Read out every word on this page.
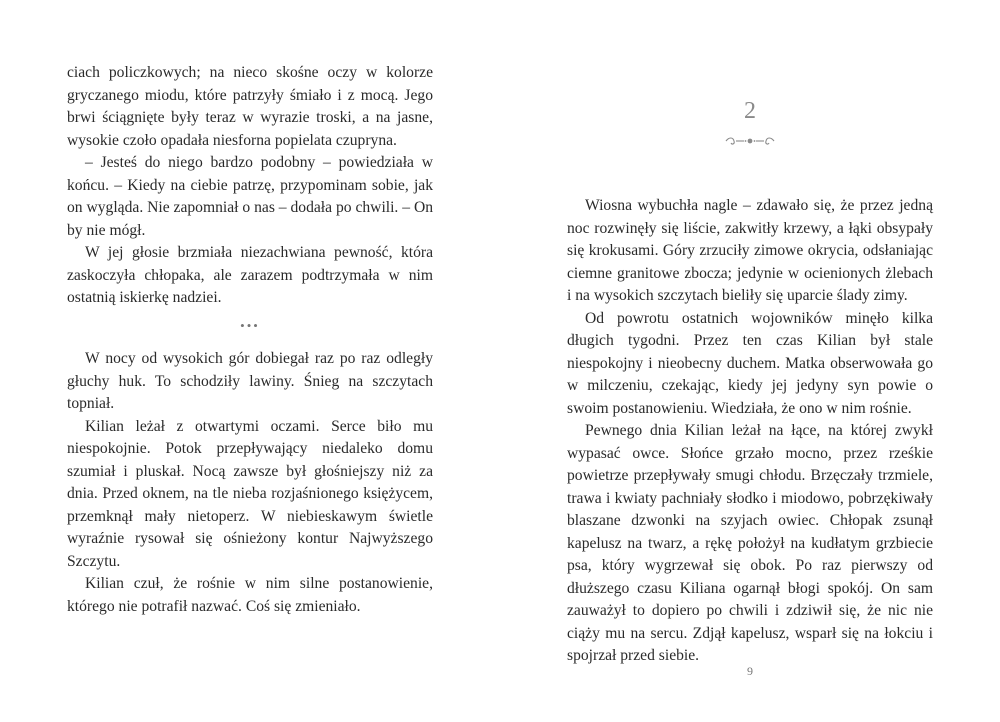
ciach policzkowych; na nieco skośne oczy w kolorze gryczanego miodu, które patrzyły śmiało i z mocą. Jego brwi ściągnięte były teraz w wyrazie troski, a na jasne, wysokie czoło opadała niesforna popielata czupryna.

– Jesteś do niego bardzo podobny – powiedziała w końcu. – Kiedy na ciebie patrzę, przypominam sobie, jak on wygląda. Nie zapomniał o nas – dodała po chwili. – On by nie mógł.

W jej głosie brzmiała niezachwiana pewność, która zaskoczyła chłopaka, ale zarazem podtrzymała w nim ostatnią iskierkę nadziei.

•••

W nocy od wysokich gór dobiegał raz po raz odległy głuchy huk. To schodziły lawiny. Śnieg na szczytach topniał.

Kilian leżał z otwartymi oczami. Serce biło mu niespokojnie. Potok przepływający niedaleko domu szumiał i pluskał. Nocą zawsze był głośniejszy niż za dnia. Przed oknem, na tle nieba rozjaśnionego księżycem, przemknął mały nietoperz. W niebieskawym świetle wyraźnie rysował się ośnieżony kontur Najwyższego Szczytu.

Kilian czuł, że rośnie w nim silne postanowienie, którego nie potrafił nazwać. Coś się zmieniało.

2

Wiosna wybuchła nagle – zdawało się, że przez jedną noc rozwinęły się liście, zakwitły krzewy, a łąki obsypały się krokusami. Góry zrzuciły zimowe okrycia, odsłaniając ciemne granitowe zbocza; jedynie w ocienionych żlebach i na wysokich szczytach bieliły się uparcie ślady zimy.

Od powrotu ostatnich wojowników minęło kilka długich tygodni. Przez ten czas Kilian był stale niespokojny i nieobecny duchem. Matka obserwowała go w milczeniu, czekając, kiedy jej jedyny syn powie o swoim postanowieniu. Wiedziała, że ono w nim rośnie.

Pewnego dnia Kilian leżał na łące, na której zwykł wypasać owce. Słońce grzało mocno, przez rześkie powietrze przepływały smugi chłodu. Brzęczały trzmiele, trawa i kwiaty pachniały słodko i miodowo, pobrzękiwały blaszane dzwonki na szyjach owiec. Chłopak zsunął kapelusz na twarz, a rękę położył na kudłatym grzbiecie psa, który wygrzewał się obok. Po raz pierwszy od dłuższego czasu Kiliana ogarnął błogi spokój. On sam zauważył to dopiero po chwili i zdziwił się, że nic nie ciąży mu na sercu. Zdjął kapelusz, wsparł się na łokciu i spojrzał przed siebie.

9
